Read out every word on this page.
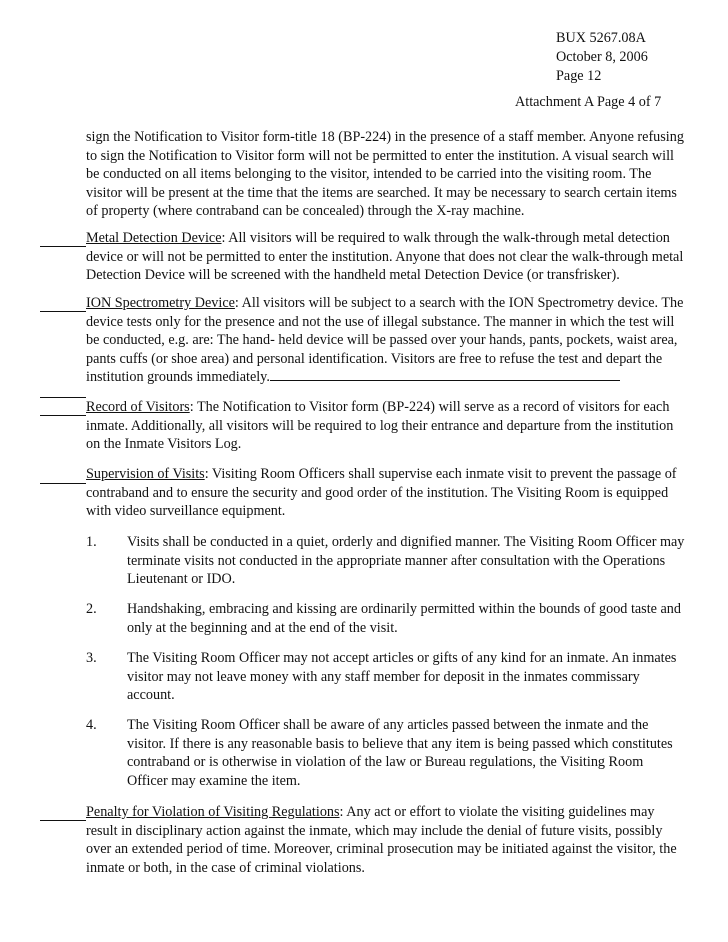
BUX 5267.08A
October 8, 2006
Page 12
Attachment A Page 4 of 7
sign the Notification to Visitor form-title 18 (BP-224) in the presence of a staff member. Anyone refusing to sign the Notification to Visitor form will not be permitted to enter the institution. A visual search will be conducted on all items belonging to the visitor, intended to be carried into the visiting room. The visitor will be present at the time that the items are searched. It may be necessary to search certain items of property (where contraband can be concealed) through the X-ray machine.
Metal Detection Device: All visitors will be required to walk through the walk-through metal detection device or will not be permitted to enter the institution. Anyone that does not clear the walk-through metal Detection Device will be screened with the handheld metal Detection Device (or transfrisker).
ION Spectrometry Device: All visitors will be subject to a search with the ION Spectrometry device. The device tests only for the presence and not the use of illegal substance. The manner in which the test will be conducted, e.g. are: The hand- held device will be passed over your hands, pants, pockets, waist area, pants cuffs (or shoe area) and personal identification. Visitors are free to refuse the test and depart the institution grounds immediately.
Record of Visitors: The Notification to Visitor form (BP-224) will serve as a record of visitors for each inmate. Additionally, all visitors will be required to log their entrance and departure from the institution on the Inmate Visitors Log.
Supervision of Visits: Visiting Room Officers shall supervise each inmate visit to prevent the passage of contraband and to ensure the security and good order of the institution. The Visiting Room is equipped with video surveillance equipment.
1. Visits shall be conducted in a quiet, orderly and dignified manner. The Visiting Room Officer may terminate visits not conducted in the appropriate manner after consultation with the Operations Lieutenant or IDO.
2. Handshaking, embracing and kissing are ordinarily permitted within the bounds of good taste and only at the beginning and at the end of the visit.
3. The Visiting Room Officer may not accept articles or gifts of any kind for an inmate. An inmates visitor may not leave money with any staff member for deposit in the inmates commissary account.
4. The Visiting Room Officer shall be aware of any articles passed between the inmate and the visitor. If there is any reasonable basis to believe that any item is being passed which constitutes contraband or is otherwise in violation of the law or Bureau regulations, the Visiting Room Officer may examine the item.
Penalty for Violation of Visiting Regulations: Any act or effort to violate the visiting guidelines may result in disciplinary action against the inmate, which may include the denial of future visits, possibly over an extended period of time. Moreover, criminal prosecution may be initiated against the visitor, the inmate or both, in the case of criminal violations.
